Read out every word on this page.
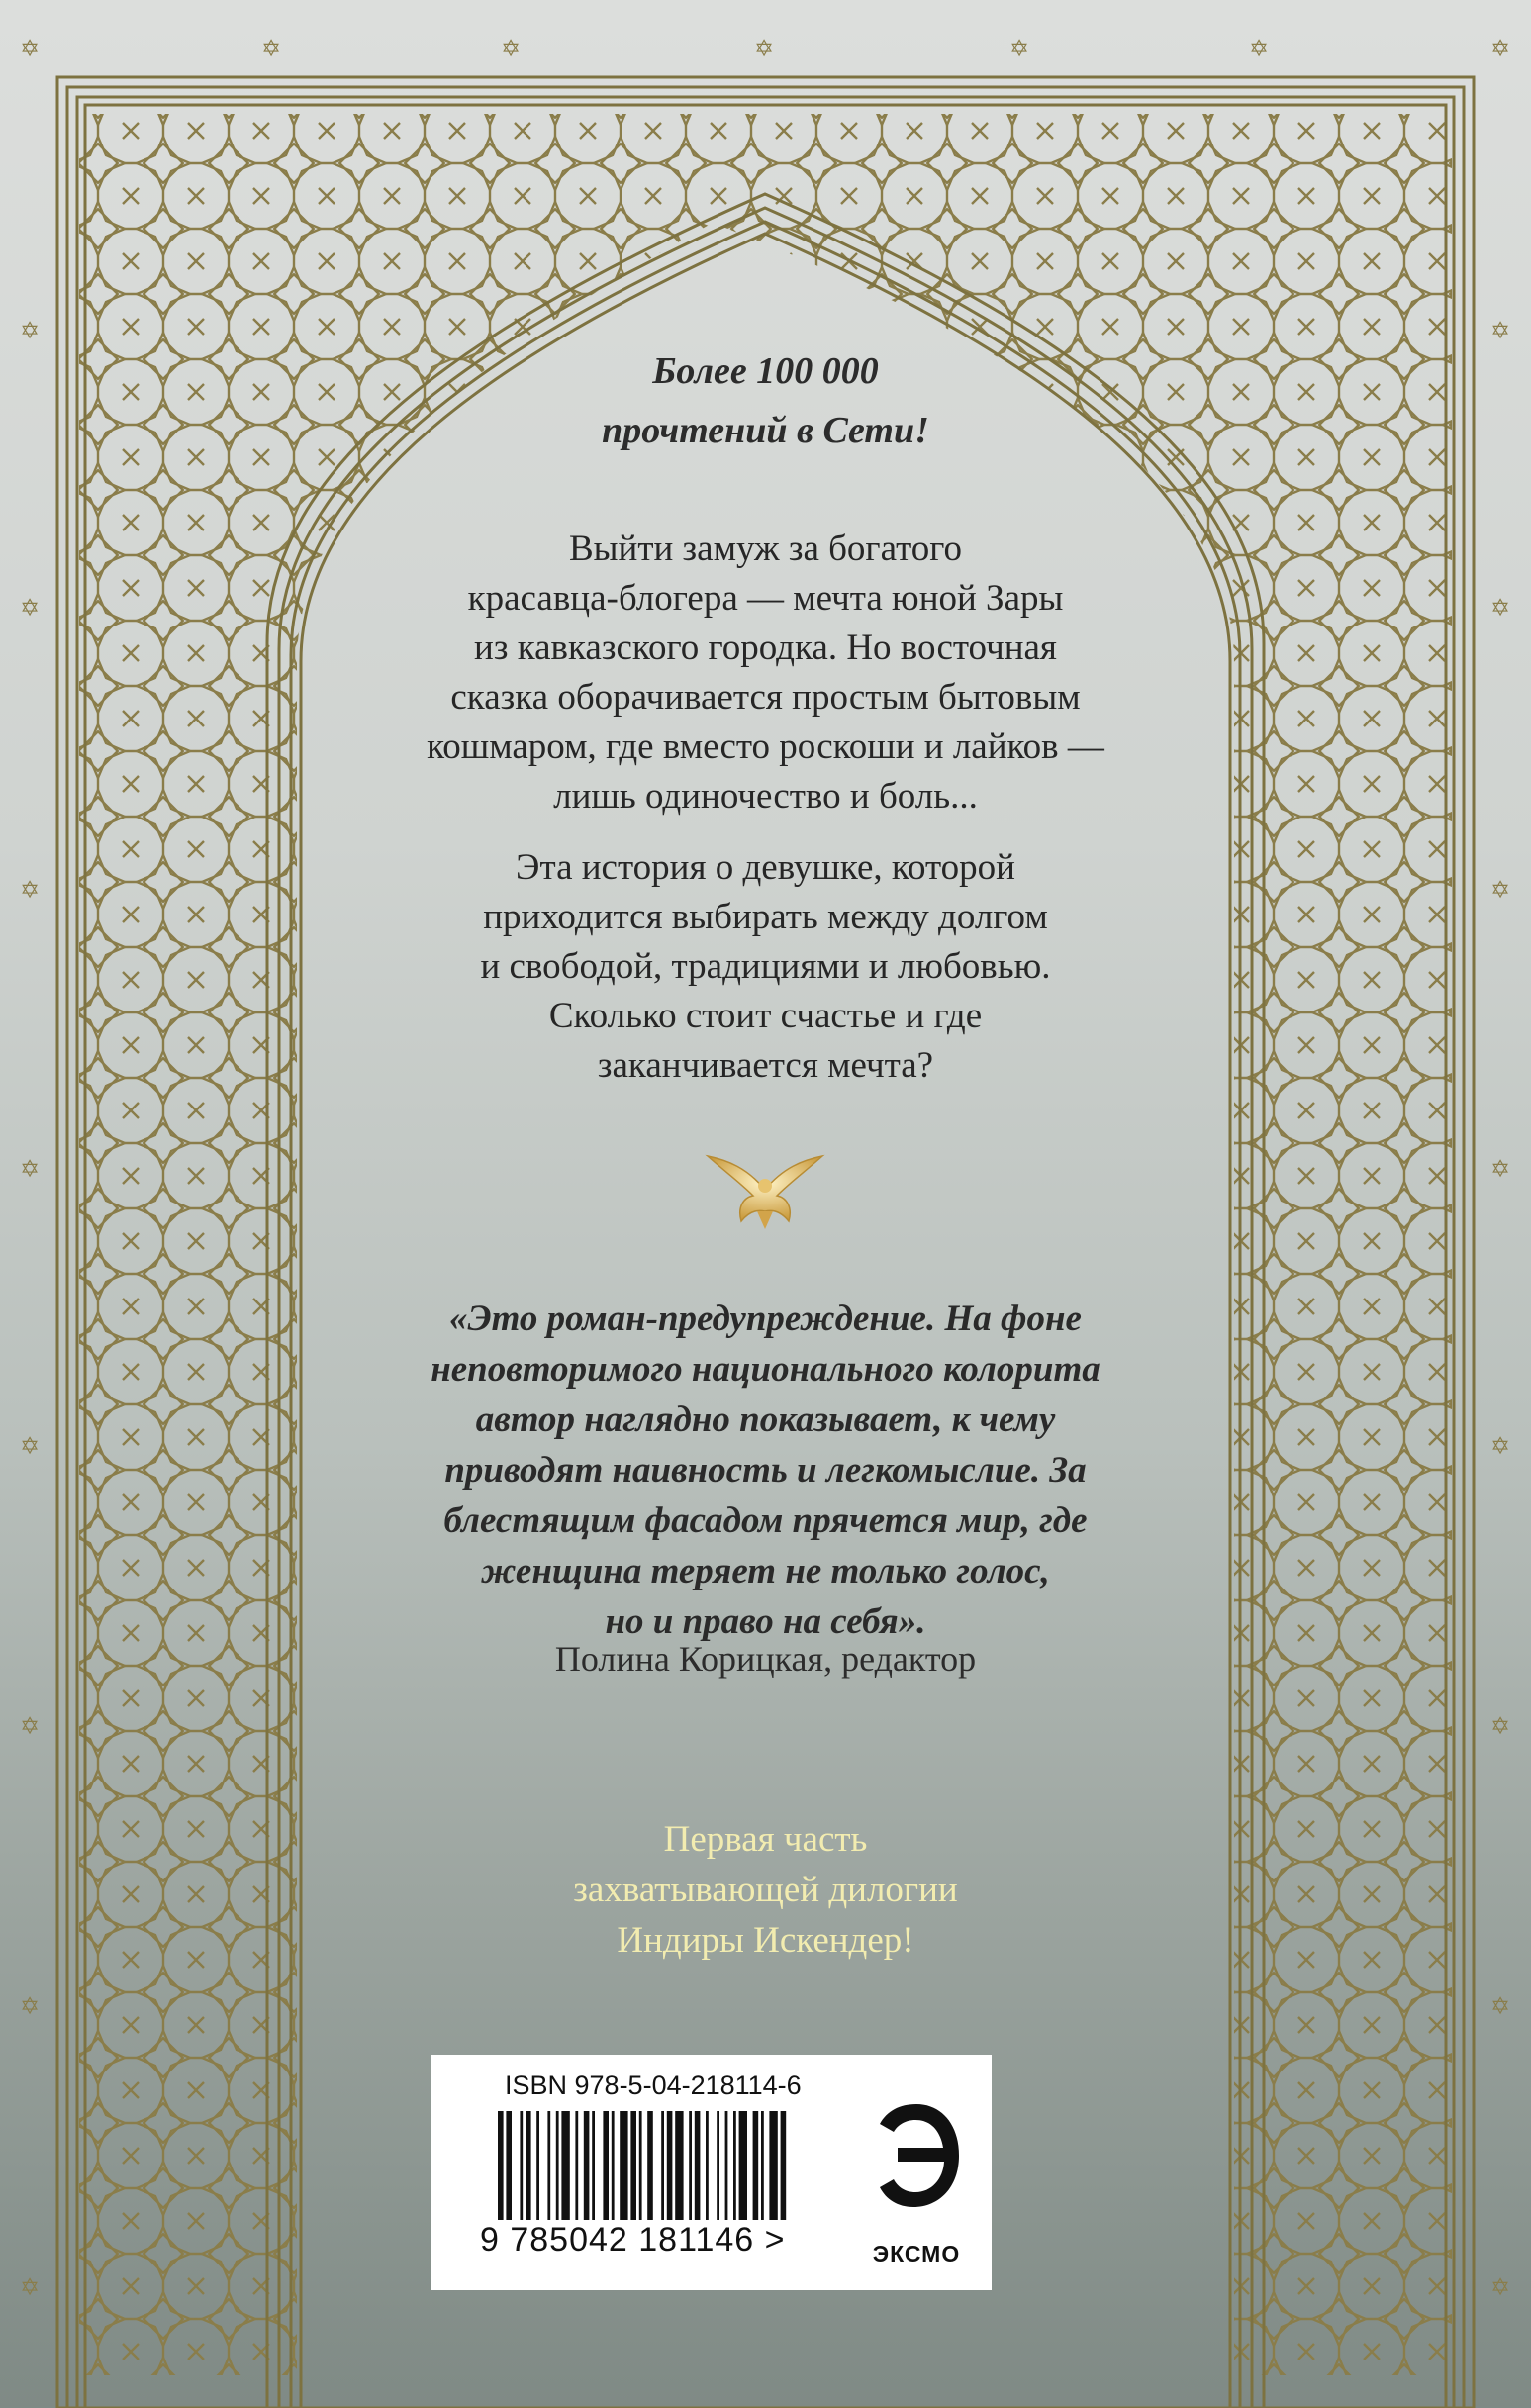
✡	✡	✡	✡	✡	✡	✡
✡	✡
✡	✡
✡	✡
✡	✡
✡	✡
✡	✡
✡	✡
✡	✡
Более 100 000
прочтений в Сети!
Выйти замуж за богатого
красавца-блогера — мечта юной Зары
из кавказского городка. Но восточная
сказка оборачивается простым бытовым
кошмаром, где вместо роскоши и лайков —
лишь одиночество и боль...
Эта история о девушке, которой
приходится выбирать между долгом
и свободой, традициями и любовью.
Сколько стоит счастье и где
заканчивается мечта?
«Это роман-предупреждение. На фоне
неповторимого национального колорита
автор наглядно показывает, к чему
приводят наивность и легкомыслие. За
блестящим фасадом прячется мир, где
женщина теряет не только голос,
но и право на себя».

Полина Корицкая, редактор

Первая часть
захватывающей дилогии
Индиры Искендер!
ISBN 978-5-04-218114-6
9 785042 181146 >	ЭКСМО
